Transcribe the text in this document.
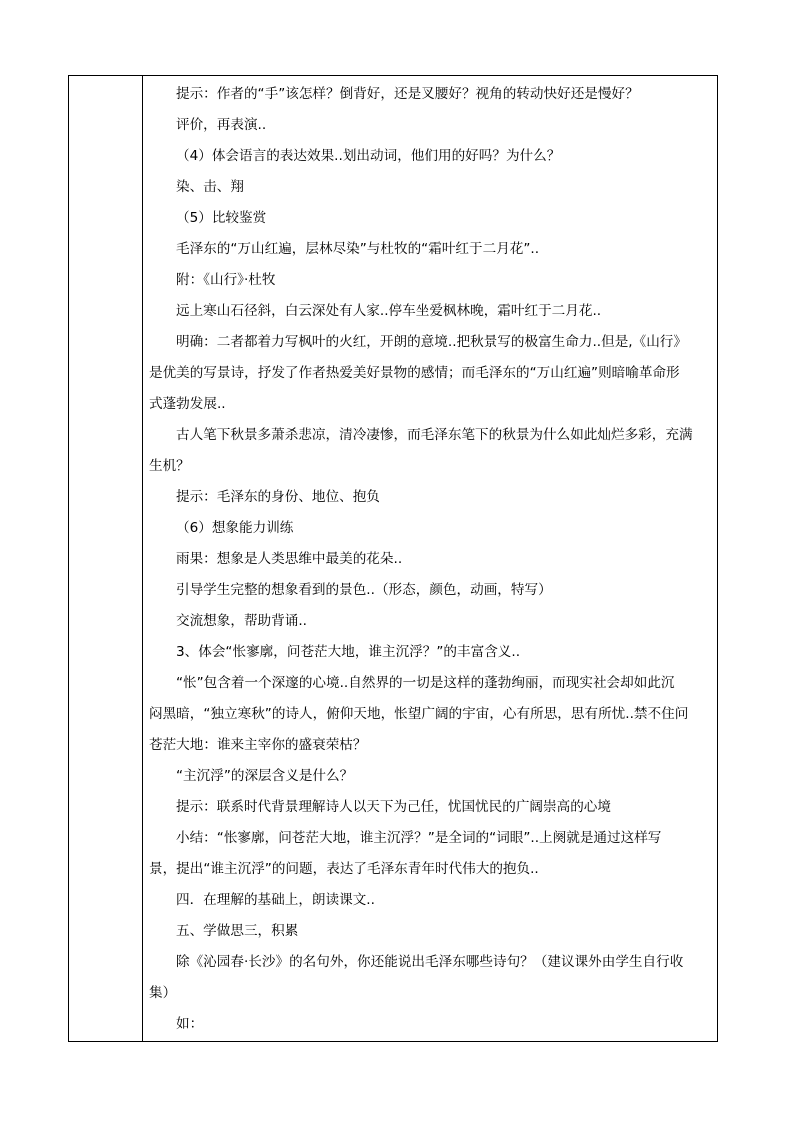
提示：作者的“手”该怎样？倒背好，还是叉腰好？视角的转动快好还是慢好？

评价，再表演..

（4）体会语言的表达效果..划出动词，他们用的好吗？为什么？

染、击、翔

（5）比较鉴赏

毛泽东的“万山红遍，层林尽染”与杜牧的“霜叶红于二月花”..

附：《山行》·杜牧

远上寒山石径斜，白云深处有人家..停车坐爱枫林晚，霜叶红于二月花..

明确：二者都着力写枫叶的火红，开朗的意境..把秋景写的极富生命力..但是,《山行》

是优美的写景诗，抒发了作者热爱美好景物的感情；而毛泽东的“万山红遍”则暗喻革命形

式蓬勃发展..

古人笔下秋景多萧杀悲凉，清冷凄惨，而毛泽东笔下的秋景为什么如此灿烂多彩，充满

生机？

提示：毛泽东的身份、地位、抱负

（6）想象能力训练

雨果：想象是人类思维中最美的花朵..

引导学生完整的想象看到的景色..（形态，颜色，动画，特写）

交流想象，帮助背诵..

3、体会“怅寥廓，问苍茫大地，谁主沉浮？”的丰富含义..

“怅”包含着一个深邃的心境..自然界的一切是这样的蓬勃绚丽，而现实社会却如此沉

闷黑暗，“独立寒秋”的诗人，俯仰天地，怅望广阔的宇宙，心有所思，思有所忧..禁不住问

苍茫大地：谁来主宰你的盛衰荣枯？

“主沉浮”的深层含义是什么？

提示：联系时代背景理解诗人以天下为己任，忧国忧民的广阔崇高的心境

小结：“怅寥廓，问苍茫大地，谁主沉浮？”是全词的“词眼”..上阕就是通过这样写

景，提出“谁主沉浮”的问题，表达了毛泽东青年时代伟大的抱负..

四．在理解的基础上，朗读课文..

五、学做思三，积累

除《沁园春·长沙》的名句外，你还能说出毛泽东哪些诗句？（建议课外由学生自行收

集）

如：
